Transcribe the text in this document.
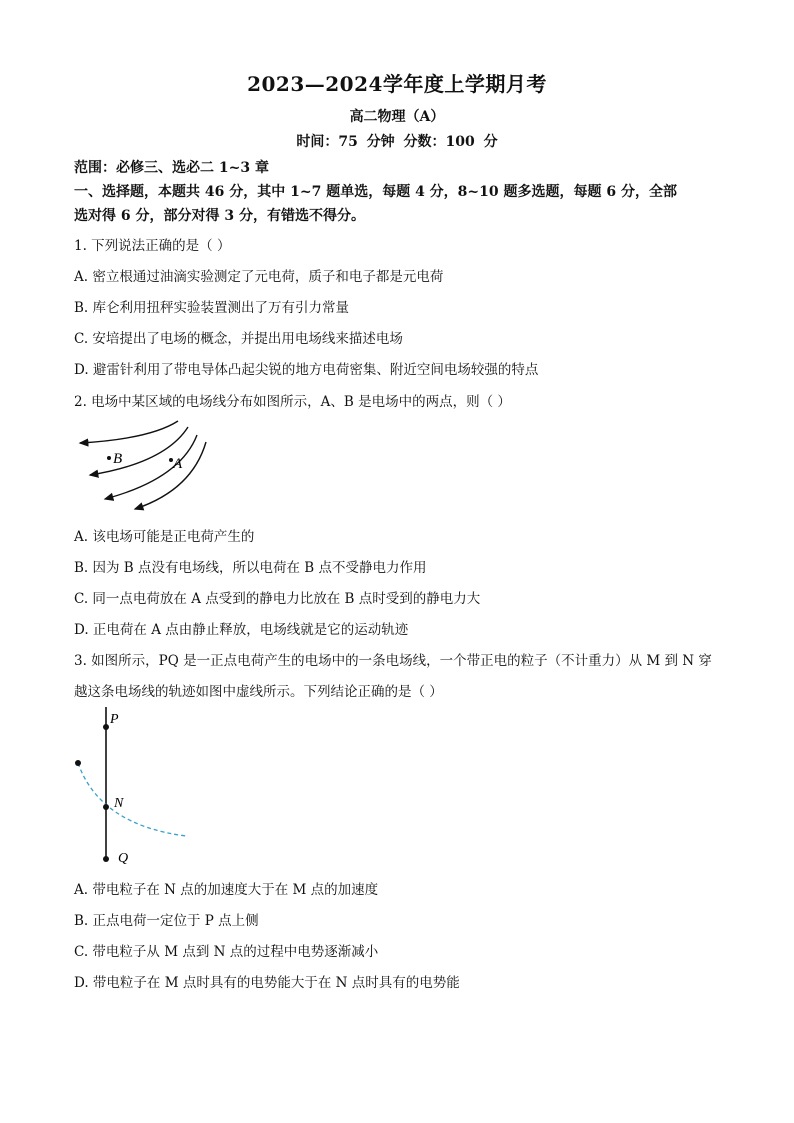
2023—2024学年度上学期月考
高二物理（A）
时间：75 分钟 分数：100 分
范围：必修三、选必二 1~3 章
一、选择题，本题共 46 分，其中 1~7 题单选，每题 4 分，8~10 题多选题，每题 6 分，全部
选对得 6 分，部分对得 3 分，有错选不得分。
1. 下列说法正确的是（ ）
A. 密立根通过油滴实验测定了元电荷，质子和电子都是元电荷
B. 库仑利用扭秤实验装置测出了万有引力常量
C. 安培提出了电场的概念，并提出用电场线来描述电场
D. 避雷针利用了带电导体凸起尖锐的地方电荷密集、附近空间电场较强的特点
2. 电场中某区域的电场线分布如图所示，A、B 是电场中的两点，则（ ）
B	A
A. 该电场可能是正电荷产生的
B. 因为 B 点没有电场线，所以电荷在 B 点不受静电力作用
C. 同一点电荷放在 A 点受到的静电力比放在 B 点时受到的静电力大
D. 正电荷在 A 点由静止释放，电场线就是它的运动轨迹
3. 如图所示，PQ 是一正点电荷产生的电场中的一条电场线，一个带正电的粒子（不计重力）从 M 到 N 穿
越这条电场线的轨迹如图中虚线所示。下列结论正确的是（ ）
P
N
Q
A. 带电粒子在 N 点的加速度大于在 M 点的加速度
B. 正点电荷一定位于 P 点上侧
C. 带电粒子从 M 点到 N 点的过程中电势逐渐减小
D. 带电粒子在 M 点时具有的电势能大于在 N 点时具有的电势能
